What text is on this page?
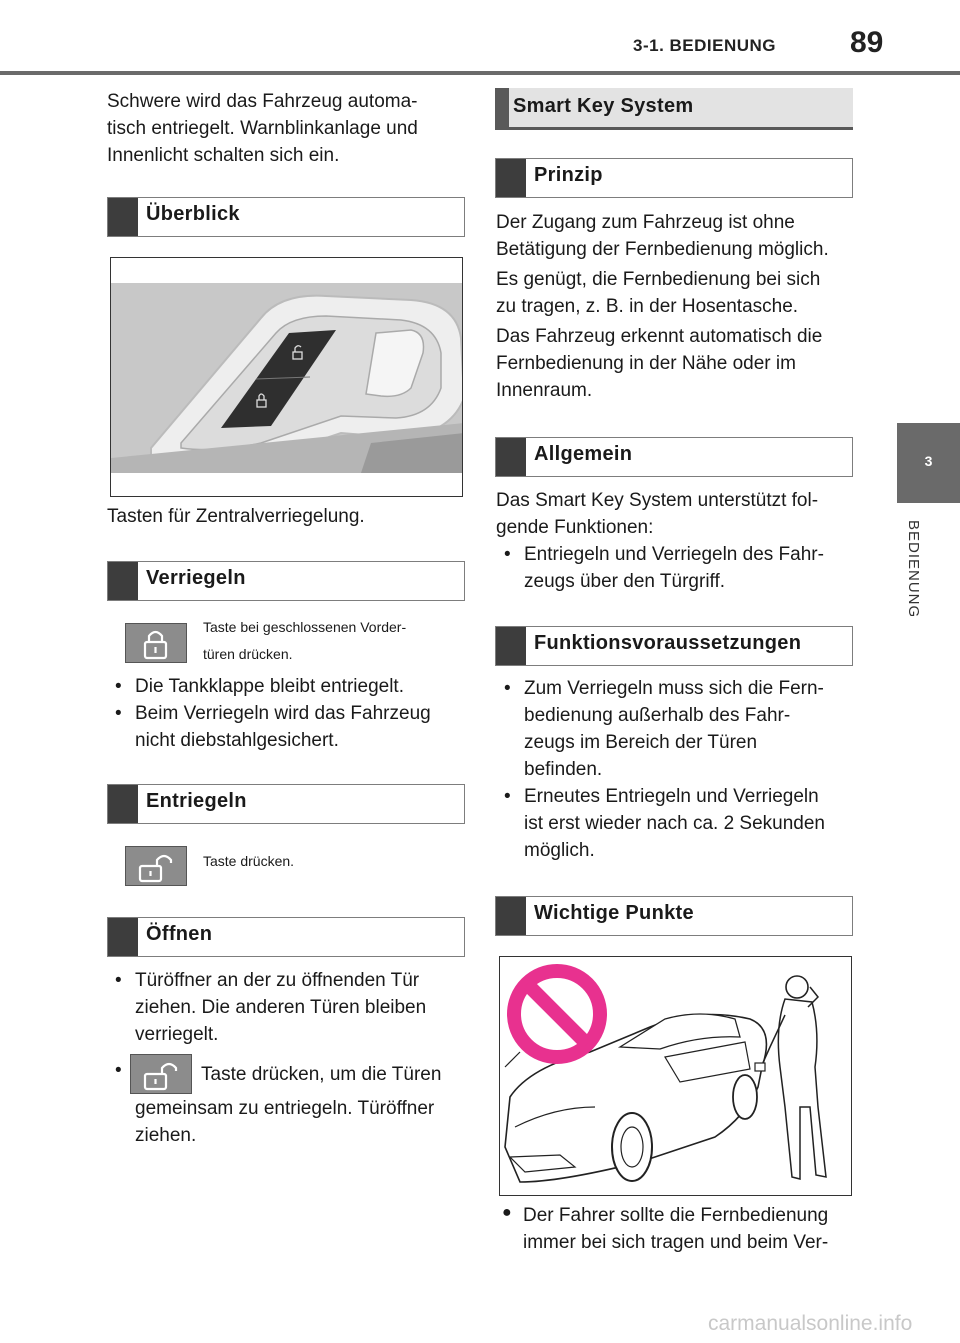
3-1. BEDIENUNG 89
3
BEDIENUNG
Schwere wird das Fahrzeug automa-
tisch entriegelt. Warnblinkanlage und
Innenlicht schalten sich ein.
Überblick
Tasten für Zentralverriegelung.
Verriegeln
Taste bei geschlossenen Vorder-
türen drücken.
• Die Tankklappe bleibt entriegelt.
• Beim Verriegeln wird das Fahrzeug nicht diebstahlgesichert.
Entriegeln
Taste drücken.
Öffnen
• Türöffner an der zu öffnenden Tür
ziehen. Die anderen Türen bleiben
verriegelt.
•	Taste drücken, um die Türen
gemeinsam zu entriegeln. Türöffner
ziehen.
Smart Key System
Prinzip
Der Zugang zum Fahrzeug ist ohne
Betätigung der Fernbedienung möglich.
Es genügt, die Fernbedienung bei sich
zu tragen, z. B. in der Hosentasche.
Das Fahrzeug erkennt automatisch die
Fernbedienung in der Nähe oder im
Innenraum.
Allgemein
Das Smart Key System unterstützt fol-
gende Funktionen:
• Entriegeln und Verriegeln des Fahr-
zeugs über den Türgriff.
Funktionsvoraussetzungen
• Zum Verriegeln muss sich die Fern-
bedienung außerhalb des Fahr-
zeugs im Bereich der Türen
befinden.
• Erneutes Entriegeln und Verriegeln
ist erst wieder nach ca. 2 Sekunden
möglich.
Wichtige Punkte
● Der Fahrer sollte die Fernbedienung
immer bei sich tragen und beim Ver-
carmanualsonline.info
